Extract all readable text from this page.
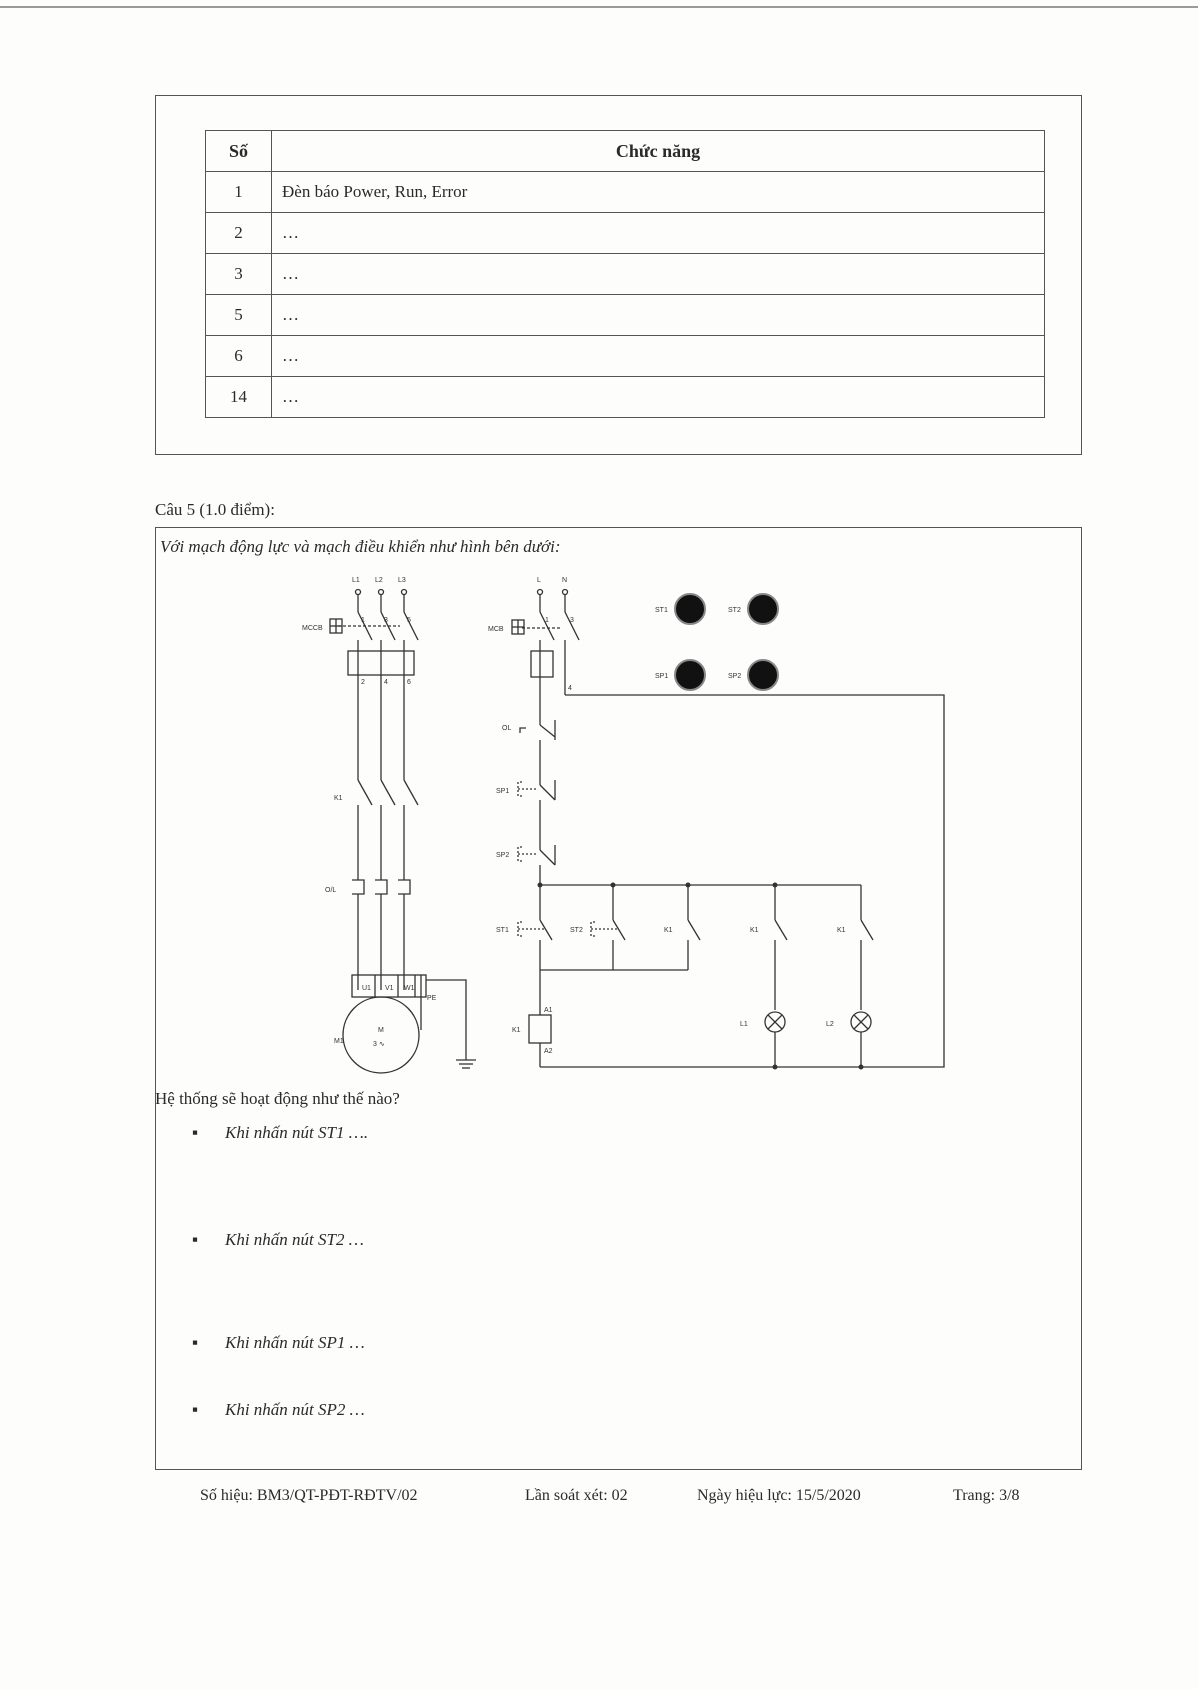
Số	Chức năng
1	Đèn báo Power, Run, Error
2	…
3	…
5	…
6	…
14	…
Câu 5 (1.0 điểm):
Với mạch động lực và mạch điều khiển như hình bên dưới:
L1 L2 L3
1	3	5
2	4	6
MCCB
K1
O/L
M1
M
3 ∿
U1 V1 W1
PE
L	N
MCB
1	3
4
OL
SP1
SP2
ST1	ST2	K1	K1	K1
K1
A1
A2
L1	L2
ST1	ST2
SP1	SP2
Hệ thống sẽ hoạt động như thế nào?
▪ Khi nhấn nút ST1 ….
▪ Khi nhấn nút ST2 …
▪ Khi nhấn nút SP1 …
▪ Khi nhấn nút SP2 …
Số hiệu: BM3/QT-PĐT-RĐTV/02	Lần soát xét: 02	Ngày hiệu lực: 15/5/2020	Trang: 3/8
